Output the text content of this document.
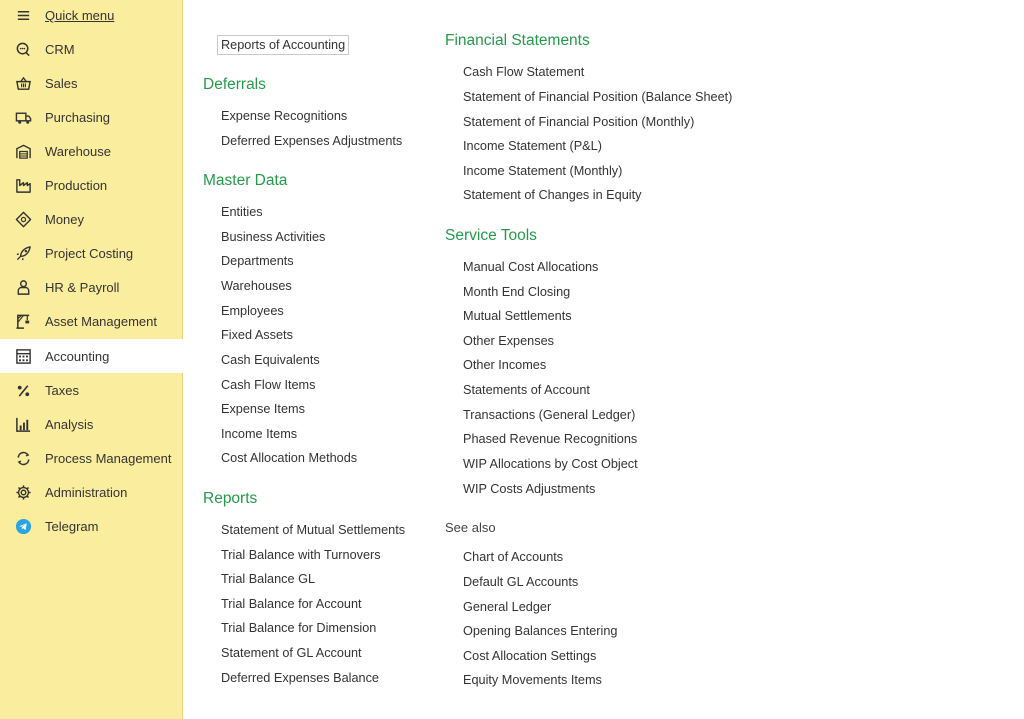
Quick menu
CRM
Sales
Purchasing
Warehouse
Production
Money
Project Costing
HR & Payroll
Asset Management
Accounting
Taxes
Analysis
Process Management
Administration
Telegram
Reports of Accounting
Deferrals
Expense Recognitions
Deferred Expenses Adjustments
Master Data
Entities
Business Activities
Departments
Warehouses
Employees
Fixed Assets
Cash Equivalents
Cash Flow Items
Expense Items
Income Items
Cost Allocation Methods
Reports
Statement of Mutual Settlements
Trial Balance with Turnovers
Trial Balance GL
Trial Balance for Account
Trial Balance for Dimension
Statement of GL Account
Deferred Expenses Balance
Financial Statements
Cash Flow Statement
Statement of Financial Position (Balance Sheet)
Statement of Financial Position (Monthly)
Income Statement (P&L)
Income Statement (Monthly)
Statement of Changes in Equity
Service Tools
Manual Cost Allocations
Month End Closing
Mutual Settlements
Other Expenses
Other Incomes
Statements of Account
Transactions (General Ledger)
Phased Revenue Recognitions
WIP Allocations by Cost Object
WIP Costs Adjustments
See also
Chart of Accounts
Default GL Accounts
General Ledger
Opening Balances Entering
Cost Allocation Settings
Equity Movements Items
